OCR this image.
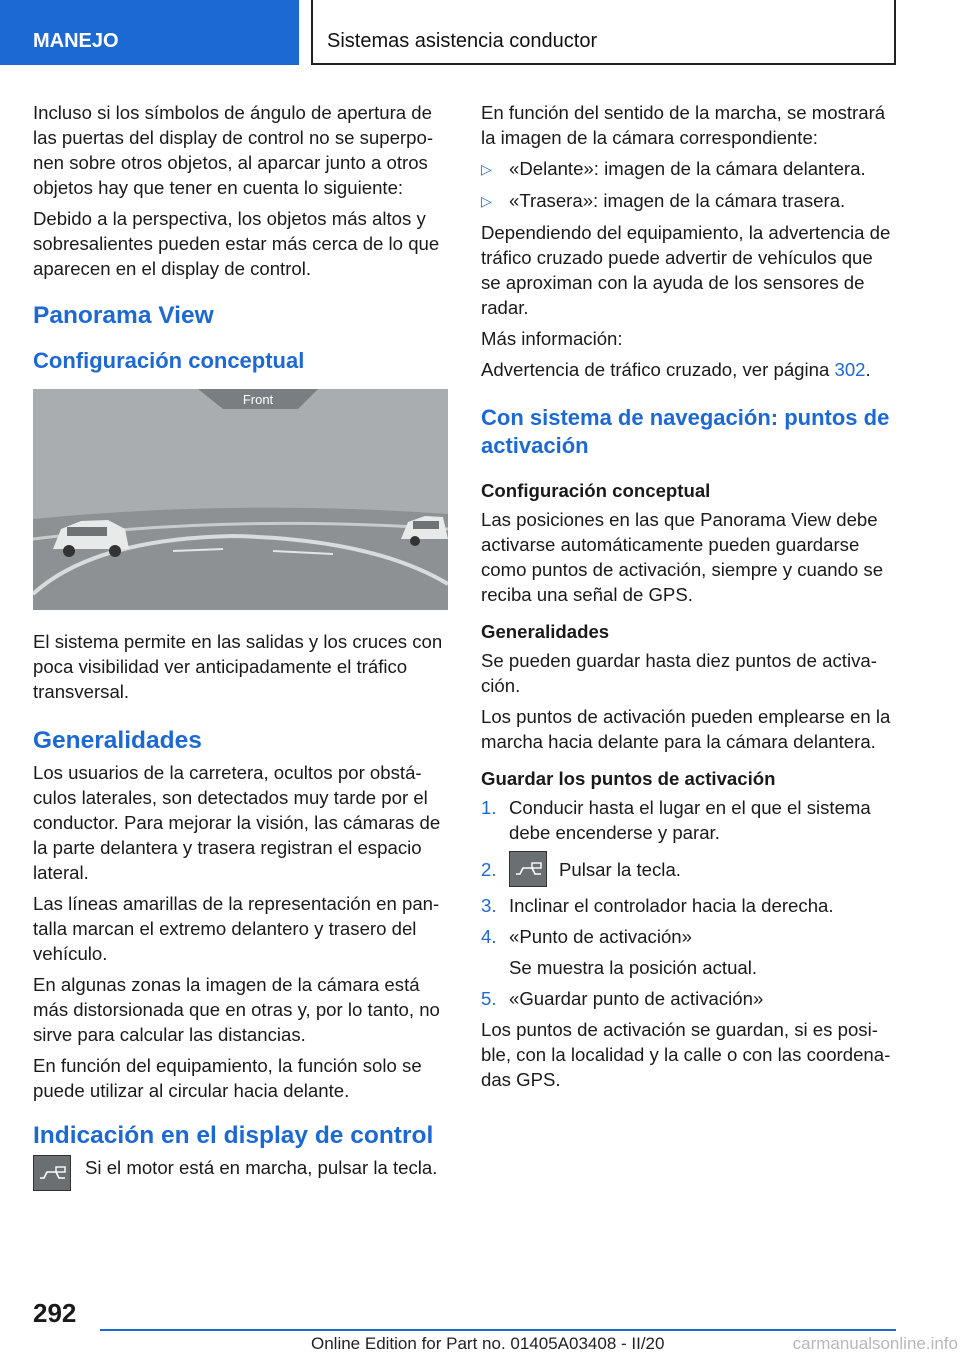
MANEJO	Sistemas asistencia conductor

Incluso si los símbolos de ángulo de apertura de las puertas del display de control no se superponen sobre otros objetos, al aparcar junto a otros objetos hay que tener en cuenta lo siguiente:

Debido a la perspectiva, los objetos más altos y sobresalientes pueden estar más cerca de lo que aparecen en el display de control.

Panorama View
Configuración conceptual
Front

El sistema permite en las salidas y los cruces con poca visibilidad ver anticipadamente el tráfico transversal.

Generalidades

Los usuarios de la carretera, ocultos por obstáculos laterales, son detectados muy tarde por el conductor. Para mejorar la visión, las cámaras de la parte delantera y trasera registran el espacio lateral.

Las líneas amarillas de la representación en pantalla marcan el extremo delantero y trasero del vehículo.

En algunas zonas la imagen de la cámara está más distorsionada que en otras y, por lo tanto, no sirve para calcular las distancias.

En función del equipamiento, la función solo se puede utilizar al circular hacia delante.

Indicación en el display de control
Si el motor está en marcha, pulsar la tecla.

En función del sentido de la marcha, se mostrará la imagen de la cámara correspondiente:

▷ «Delante»: imagen de la cámara delantera.
▷ «Trasera»: imagen de la cámara trasera.

Dependiendo del equipamiento, la advertencia de tráfico cruzado puede advertir de vehículos que se aproximan con la ayuda de los sensores de radar.

Más información:

Advertencia de tráfico cruzado, ver página 302.

Con sistema de navegación: puntos de activación
Configuración conceptual

Las posiciones en las que Panorama View debe activarse automáticamente pueden guardarse como puntos de activación, siempre y cuando se reciba una señal de GPS.

Generalidades

Se pueden guardar hasta diez puntos de activación.

Los puntos de activación pueden emplearse en la marcha hacia delante para la cámara delantera.

Guardar los puntos de activación
1. Conducir hasta el lugar en el que el sistema debe encenderse y parar.
2.	Pulsar la tecla.
3. Inclinar el controlador hacia la derecha.
4. «Punto de activación»

Se muestra la posición actual.

5. «Guardar punto de activación»

Los puntos de activación se guardan, si es posible, con la localidad y la calle o con las coordenadas GPS.

292
Online Edition for Part no. 01405A03408 - II/20	carmanualsonline.info
